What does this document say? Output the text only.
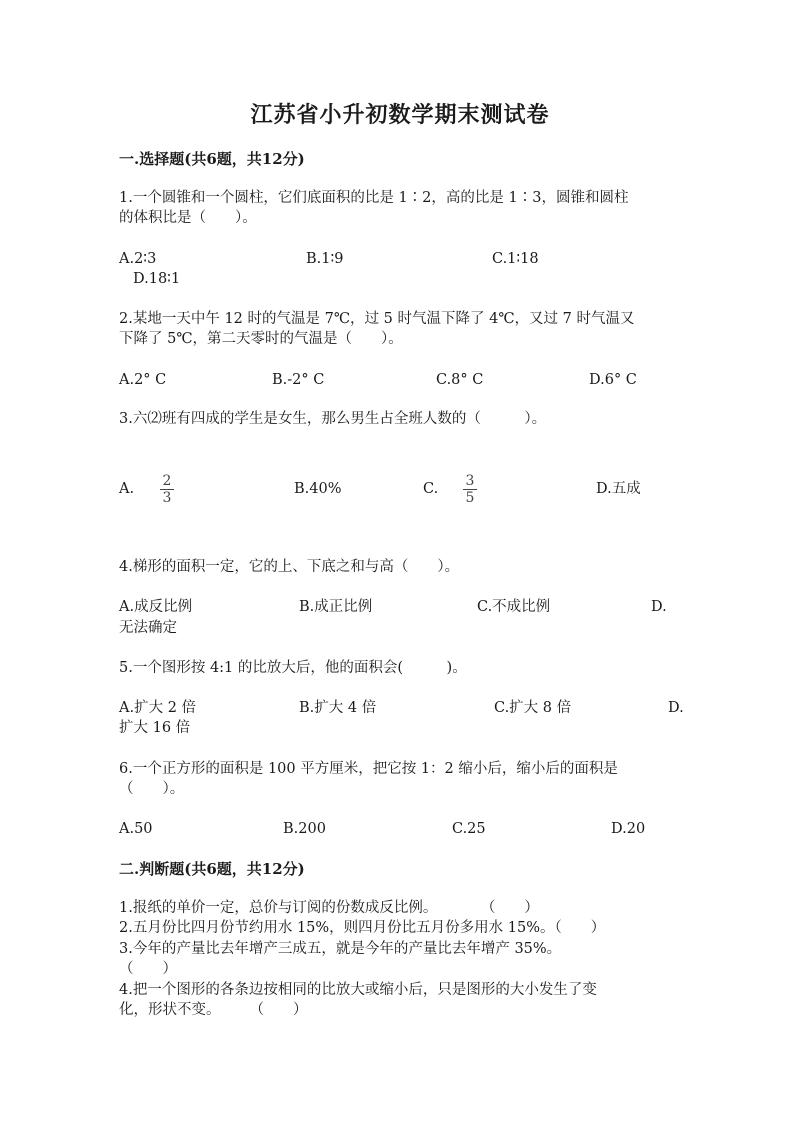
江苏省小升初数学期末测试卷
一.选择题(共6题，共12分)
1.一个圆锥和一个圆柱，它们底面积的比是 1∶2，高的比是 1∶3，圆锥和圆柱
的体积比是（　　）。
A.2∶3	B.1∶9	C.1∶18
D.18∶1
2.某地一天中午 12 时的气温是 7℃，过 5 时气温下降了 4℃，又过 7 时气温又
下降了 5℃，第二天零时的气温是（　　）。
A.2° C	B.-2° C	C.8° C	D.6° C
3.六⑵班有四成的学生是女生，那么男生占全班人数的（　　　）。
A. $\frac{2}{3}$	B.40%	C. $\frac{3}{5}$	D.五成
4.梯形的面积一定，它的上、下底之和与高（　　）。
A.成反比例	B.成正比例	C.不成比例	D.
无法确定
5.一个图形按 4:1 的比放大后，他的面积会(　　　)。
A.扩大 2 倍	B.扩大 4 倍	C.扩大 8 倍	D.
扩大 16 倍
6.一个正方形的面积是 100 平方厘米，把它按 1：2 缩小后，缩小后的面积是
（　　）。
A.50	B.200	C.25	D.20
二.判断题(共6题，共12分)
1.报纸的单价一定，总价与订阅的份数成反比例。　　　　（　　）
2.五月份比四月份节约用水 15%，则四月份比五月份多用水 15%。（　　）
3.今年的产量比去年增产三成五，就是今年的产量比去年增产 35%。
（　　）
4.把一个图形的各条边按相同的比放大或缩小后，只是图形的大小发生了变
化，形状不变。　　　（　　）
